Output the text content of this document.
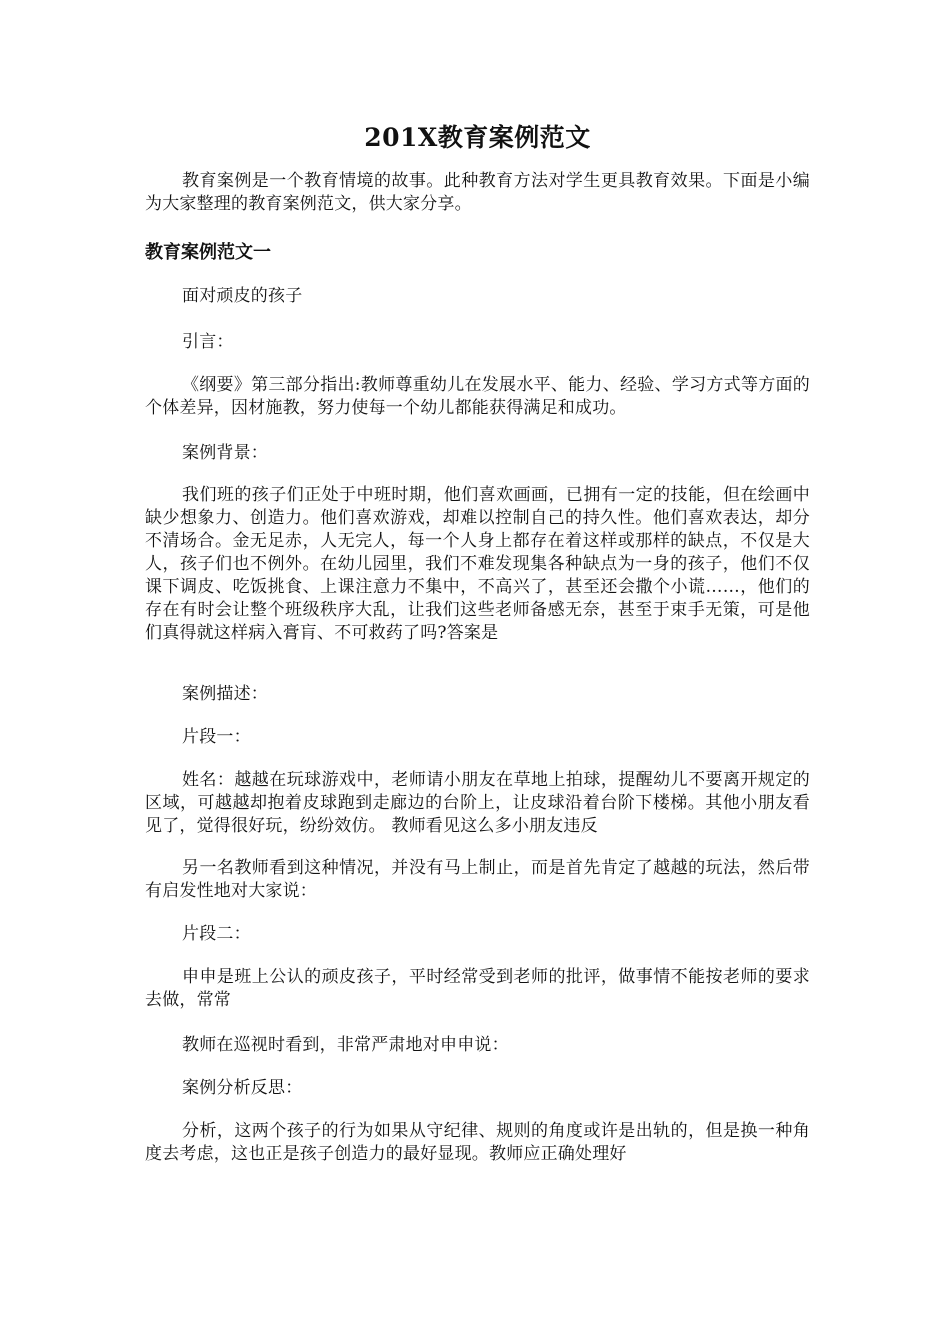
201X教育案例范文

教育案例是一个教育情境的故事。此种教育方法对学生更具教育效果。下面是小编为大家整理的教育案例范文，供大家分享。

教育案例范文一

面对顽皮的孩子

引言：

《纲要》第三部分指出:教师尊重幼儿在发展水平、能力、经验、学习方式等方面的个体差异，因材施教，努力使每一个幼儿都能获得满足和成功。

案例背景：

我们班的孩子们正处于中班时期，他们喜欢画画，已拥有一定的技能，但在绘画中缺少想象力、创造力。他们喜欢游戏，却难以控制自己的持久性。他们喜欢表达，却分不清场合。金无足赤，人无完人，每一个人身上都存在着这样或那样的缺点，不仅是大人，孩子们也不例外。在幼儿园里，我们不难发现集各种缺点为一身的孩子，他们不仅课下调皮、吃饭挑食、上课注意力不集中，不高兴了，甚至还会撒个小谎……，他们的存在有时会让整个班级秩序大乱，让我们这些老师备感无奈，甚至于束手无策，可是他们真得就这样病入膏肓、不可救药了吗?答案是

案例描述：

片段一：

姓名：越越在玩球游戏中，老师请小朋友在草地上拍球，提醒幼儿不要离开规定的区域，可越越却抱着皮球跑到走廊边的台阶上，让皮球沿着台阶下楼梯。其他小朋友看见了，觉得很好玩，纷纷效仿。 教师看见这么多小朋友违反

另一名教师看到这种情况，并没有马上制止，而是首先肯定了越越的玩法，然后带有启发性地对大家说：

片段二：

申申是班上公认的顽皮孩子，平时经常受到老师的批评，做事情不能按老师的要求去做，常常

教师在巡视时看到，非常严肃地对申申说：

案例分析反思：

分析，这两个孩子的行为如果从守纪律、规则的角度或许是出轨的，但是换一种角度去考虑，这也正是孩子创造力的最好显现。教师应正确处理好
